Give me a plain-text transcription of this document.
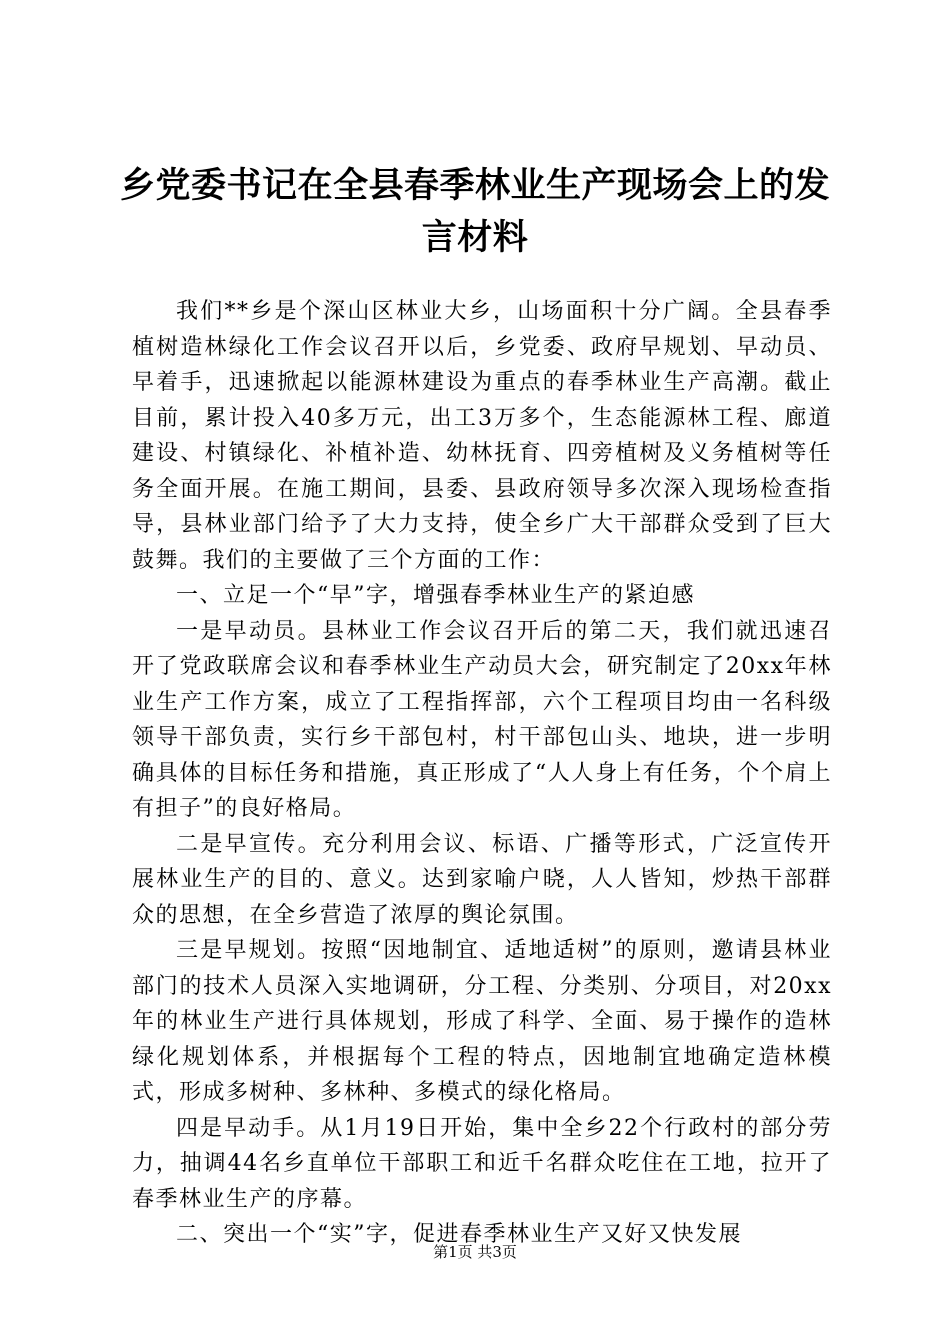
乡党委书记在全县春季林业生产现场会上的发言材料

我们**乡是个深山区林业大乡，山场面积十分广阔。全县春季植树造林绿化工作会议召开以后，乡党委、政府早规划、早动员、早着手，迅速掀起以能源林建设为重点的春季林业生产高潮。截止目前，累计投入40多万元，出工3万多个，生态能源林工程、廊道建设、村镇绿化、补植补造、幼林抚育、四旁植树及义务植树等任务全面开展。在施工期间，县委、县政府领导多次深入现场检查指导，县林业部门给予了大力支持，使全乡广大干部群众受到了巨大鼓舞。我们的主要做了三个方面的工作：

一、立足一个“早”字，增强春季林业生产的紧迫感

一是早动员。县林业工作会议召开后的第二天，我们就迅速召开了党政联席会议和春季林业生产动员大会，研究制定了20xx年林业生产工作方案，成立了工程指挥部，六个工程项目均由一名科级领导干部负责，实行乡干部包村，村干部包山头、地块，进一步明确具体的目标任务和措施，真正形成了“人人身上有任务，个个肩上有担子”的良好格局。

二是早宣传。充分利用会议、标语、广播等形式，广泛宣传开展林业生产的目的、意义。达到家喻户晓，人人皆知，炒热干部群众的思想，在全乡营造了浓厚的舆论氛围。

三是早规划。按照“因地制宜、适地适树”的原则，邀请县林业部门的技术人员深入实地调研，分工程、分类别、分项目，对20xx年的林业生产进行具体规划，形成了科学、全面、易于操作的造林绿化规划体系，并根据每个工程的特点，因地制宜地确定造林模式，形成多树种、多林种、多模式的绿化格局。

四是早动手。从1月19日开始，集中全乡22个行政村的部分劳力，抽调44名乡直单位干部职工和近千名群众吃住在工地，拉开了春季林业生产的序幕。

二、突出一个“实”字，促进春季林业生产又好又快发展

第1页 共3页
